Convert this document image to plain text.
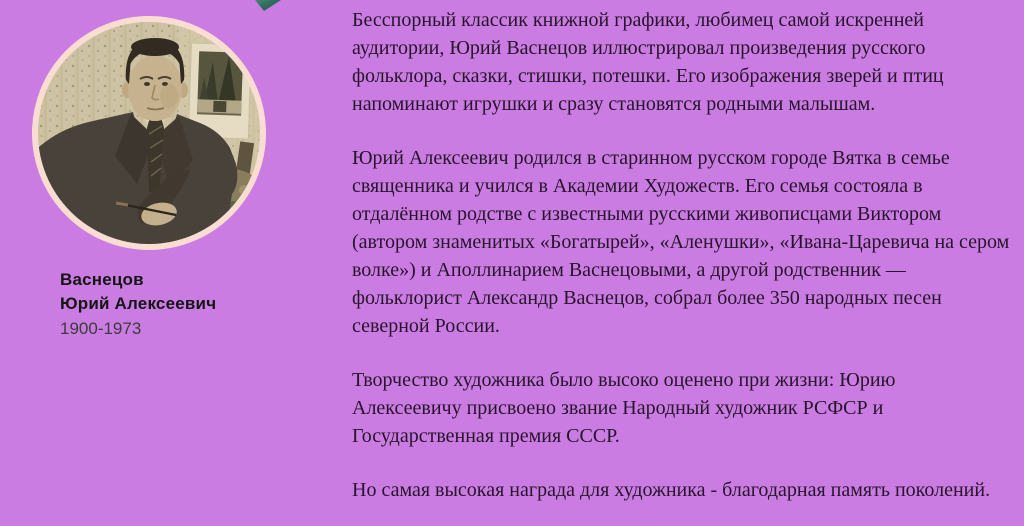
Васнецов
Юрий Алексеевич
1900-1973

Бесспорный классик книжной графики, любимец самой искренней аудитории, Юрий Васнецов иллюстрировал произведения русского фольклора, сказки, стишки, потешки. Его изображения зверей и птиц напоминают игрушки и сразу становятся родными малышам.

Юрий Алексеевич родился в старинном русском городе Вятка в семье священника и учился в Академии Художеств. Его семья состояла в отдалённом родстве с известными русскими живописцами Виктором (автором знаменитых «Богатырей», «Аленушки», «Ивана-Царевича на сером волке») и Аполлинарием Васнецовыми, а другой родственник —фольклорист Александр Васнецов, собрал более 350 народных песен северной России.

Творчество художника было высоко оценено при жизни: Юрию Алексеевичу присвоено звание Народный художник РСФСР и Государственная премия СССР.

Но самая высокая награда для художника - благодарная память поколений.
